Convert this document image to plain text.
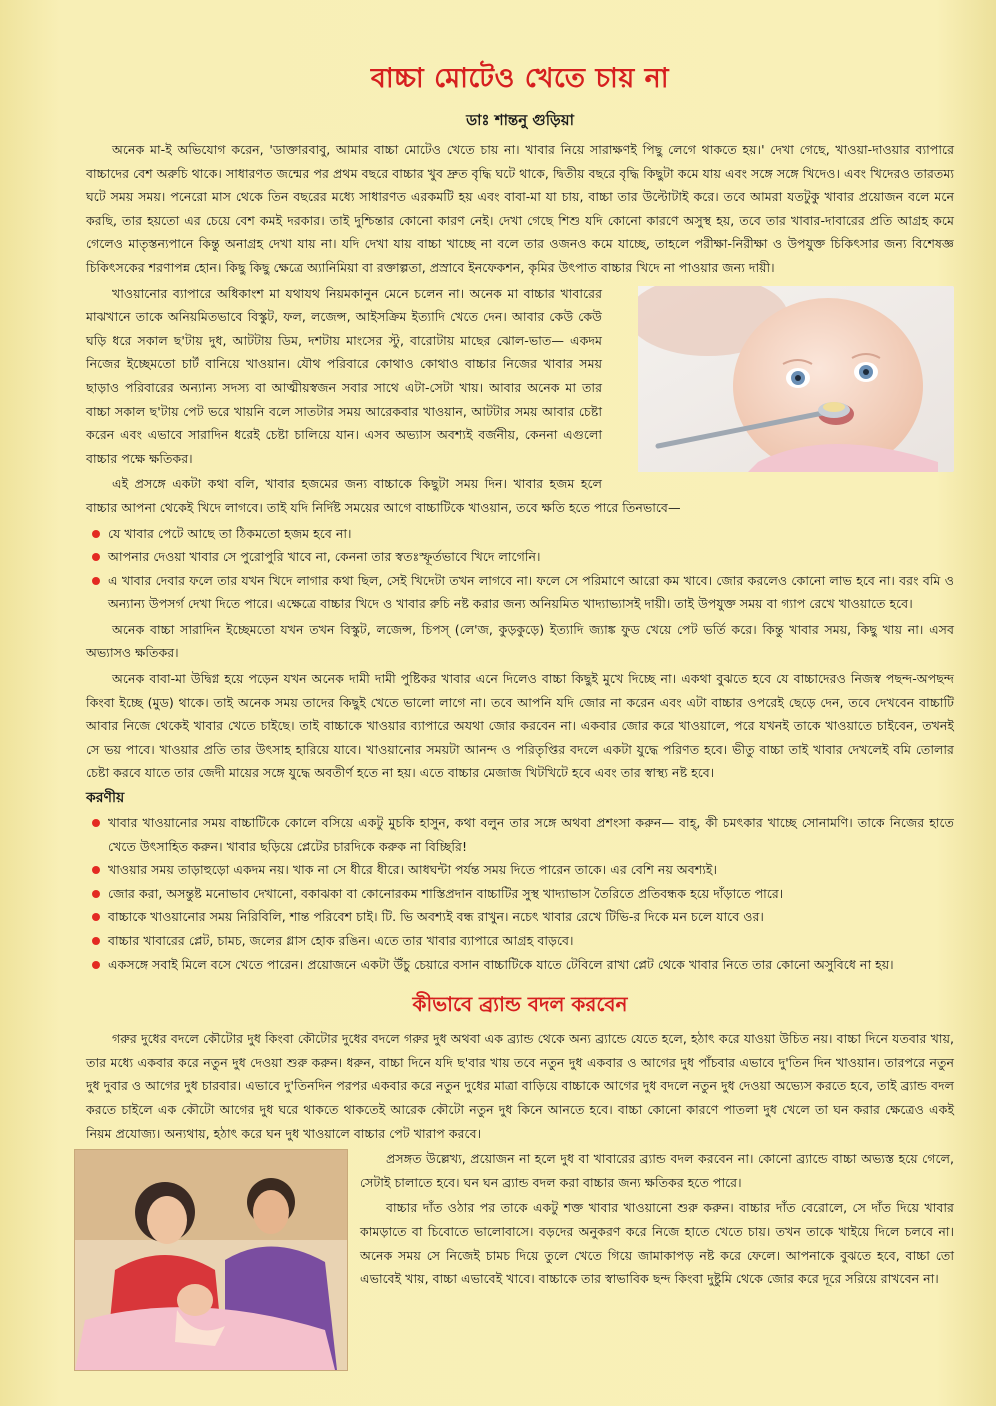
বাচ্চা মোটেও খেতে চায় না
ডাঃ শান্তনু গুড়িয়া

অনেক মা-ই অভিযোগ করেন, 'ডাক্তারবাবু, আমার বাচ্চা মোটেও খেতে চায় না। খাবার নিয়ে সারাক্ষণই পিছু লেগে থাকতে হয়।' দেখা গেছে, খাওয়া-দাওয়ার ব্যাপারে বাচ্চাদের বেশ অরুচি থাকে। সাধারণত জন্মের পর প্রথম বছরে বাচ্চার খুব দ্রুত বৃদ্ধি ঘটে থাকে, দ্বিতীয় বছরে বৃদ্ধি কিছুটা কমে যায় এবং সঙ্গে সঙ্গে খিদেও। এবং খিদেরও তারতম্য ঘটে সময় সময়। পনেরো মাস থেকে তিন বছরের মধ্যে সাধারণত এরকমটি হয় এবং বাবা-মা যা চায়, বাচ্চা তার উল্টোটাই করে। তবে আমরা যতটুকু খাবার প্রয়োজন বলে মনে করছি, তার হয়তো এর চেয়ে বেশ কমই দরকার। তাই দুশ্চিন্তার কোনো কারণ নেই। দেখা গেছে শিশু যদি কোনো কারণে অসুস্থ হয়, তবে তার খাবার-দাবারের প্রতি আগ্রহ কমে গেলেও মাতৃস্তন্যপানে কিন্তু অনাগ্রহ দেখা যায় না। যদি দেখা যায় বাচ্চা খাচ্ছে না বলে তার ওজনও কমে যাচ্ছে, তাহলে পরীক্ষা-নিরীক্ষা ও উপযুক্ত চিকিৎসার জন্য বিশেষজ্ঞ চিকিৎসকের শরণাপন্ন হোন। কিছু কিছু ক্ষেত্রে অ্যানিমিয়া বা রক্তাল্পতা, প্রস্রাবে ইনফেকশন, কৃমির উৎপাত বাচ্চার খিদে না পাওয়ার জন্য দায়ী।

খাওয়ানোর ব্যাপারে অধিকাংশ মা যথাযথ নিয়মকানুন মেনে চলেন না। অনেক মা বাচ্চার খাবারের মাঝখানে তাকে অনিয়মিতভাবে বিস্কুট, ফল, লজেন্স, আইসক্রিম ইত্যাদি খেতে দেন। আবার কেউ কেউ ঘড়ি ধরে সকাল ছ'টায় দুধ, আটটায় ডিম, দশটায় মাংসের স্টু, বারোটায় মাছের ঝোল-ভাত— একদম নিজের ইচ্ছেমতো চার্ট বানিয়ে খাওয়ান। যৌথ পরিবারে কোথাও কোথাও বাচ্চার নিজের খাবার সময় ছাড়াও পরিবারের অন্যান্য সদস্য বা আত্মীয়স্বজন সবার সাথে এটা-সেটা খায়। আবার অনেক মা তার বাচ্চা সকাল ছ'টায় পেট ভরে খায়নি বলে সাতটার সময় আরেকবার খাওয়ান, আটটার সময় আবার চেষ্টা করেন এবং এভাবে সারাদিন ধরেই চেষ্টা চালিয়ে যান। এসব অভ্যাস অবশ্যই বর্জনীয়, কেননা এগুলো বাচ্চার পক্ষে ক্ষতিকর।

এই প্রসঙ্গে একটা কথা বলি, খাবার হজমের জন্য বাচ্চাকে কিছুটা সময় দিন। খাবার হজম হলে বাচ্চার আপনা থেকেই খিদে লাগবে। তাই যদি নির্দিষ্ট সময়ের আগে বাচ্চাটিকে খাওয়ান, তবে ক্ষতি হতে পারে তিনভাবে—

যে খাবার পেটে আছে তা ঠিকমতো হজম হবে না।
আপনার দেওয়া খাবার সে পুরোপুরি খাবে না, কেননা তার স্বতঃস্ফূর্তভাবে খিদে লাগেনি।
এ খাবার দেবার ফলে তার যখন খিদে লাগার কথা ছিল, সেই খিদেটা তখন লাগবে না। ফলে সে পরিমাণে আরো কম খাবে। জোর করলেও কোনো লাভ হবে না। বরং বমি ও অন্যান্য উপসর্গ দেখা দিতে পারে। এক্ষেত্রে বাচ্চার খিদে ও খাবার রুচি নষ্ট করার জন্য অনিয়মিত খাদ্যাভ্যাসই দায়ী। তাই উপযুক্ত সময় বা গ্যাপ রেখে খাওয়াতে হবে।

অনেক বাচ্চা সারাদিন ইচ্ছেমতো যখন তখন বিস্কুট, লজেন্স, চিপস্ (লে'জ, কুড়কুড়ে) ইত্যাদি জ্যাঙ্ক ফুড খেয়ে পেট ভর্তি করে। কিন্তু খাবার সময়, কিছু খায় না। এসব অভ্যাসও ক্ষতিকর।

অনেক বাবা-মা উদ্বিগ্ন হয়ে পড়েন যখন অনেক দামী দামী পুষ্টিকর খাবার এনে দিলেও বাচ্চা কিছুই মুখে দিচ্ছে না। একথা বুঝতে হবে যে বাচ্চাদেরও নিজস্ব পছন্দ-অপছন্দ কিংবা ইচ্ছে (মুড) থাকে। তাই অনেক সময় তাদের কিছুই খেতে ভালো লাগে না। তবে আপনি যদি জোর না করেন এবং এটা বাচ্চার ওপরেই ছেড়ে দেন, তবে দেখবেন বাচ্চাটি আবার নিজে থেকেই খাবার খেতে চাইছে। তাই বাচ্চাকে খাওয়ার ব্যাপারে অযথা জোর করবেন না। একবার জোর করে খাওয়ালে, পরে যখনই তাকে খাওয়াতে চাইবেন, তখনই সে ভয় পাবে। খাওয়ার প্রতি তার উৎসাহ হারিয়ে যাবে। খাওয়ানোর সময়টা আনন্দ ও পরিতৃপ্তির বদলে একটা যুদ্ধে পরিণত হবে। ভীতু বাচ্চা তাই খাবার দেখলেই বমি তোলার চেষ্টা করবে যাতে তার জেদী মায়ের সঙ্গে যুদ্ধে অবতীর্ণ হতে না হয়। এতে বাচ্চার মেজাজ খিটখিটে হবে এবং তার স্বাস্থ্য নষ্ট হবে।

করণীয়
খাবার খাওয়ানোর সময় বাচ্চাটিকে কোলে বসিয়ে একটু মুচকি হাসুন, কথা বলুন তার সঙ্গে অথবা প্রশংসা করুন— বাহ্, কী চমৎকার খাচ্ছে সোনামণি। তাকে নিজের হাতে খেতে উৎসাহিত করুন। খাবার ছড়িয়ে প্লেটের চারদিকে করুক না বিচ্ছিরি!
খাওয়ার সময় তাড়াহুড়ো একদম নয়। খাক না সে ধীরে ধীরে। আধঘন্টা পর্যন্ত সময় দিতে পারেন তাকে। এর বেশি নয় অবশ্যই।
জোর করা, অসন্তুষ্ট মনোভাব দেখানো, বকাঝকা বা কোনোরকম শাস্তিপ্রদান বাচ্চাটির সুস্থ খাদ্যাভাস তৈরিতে প্রতিবন্ধক হয়ে দাঁড়াতে পারে।
বাচ্চাকে খাওয়ানোর সময় নিরিবিলি, শান্ত পরিবেশ চাই। টি. ভি অবশ্যই বন্ধ রাখুন। নচেৎ খাবার রেখে টিভি-র দিকে মন চলে যাবে ওর।
বাচ্চার খাবারের প্লেট, চামচ, জলের গ্লাস হোক রঙিন। এতে তার খাবার ব্যাপারে আগ্রহ বাড়বে।
একসঙ্গে সবাই মিলে বসে খেতে পারেন। প্রয়োজনে একটা উঁচু চেয়ারে বসান বাচ্চাটিকে যাতে টেবিলে রাখা প্লেট থেকে খাবার নিতে তার কোনো অসুবিধে না হয়।
কীভাবে ব্র্যান্ড বদল করবেন

গরুর দুধের বদলে কৌটোর দুধ কিংবা কৌটোর দুধের বদলে গরুর দুধ অথবা এক ব্র্যান্ড থেকে অন্য ব্র্যান্ডে যেতে হলে, হঠাৎ করে যাওয়া উচিত নয়। বাচ্চা দিনে যতবার খায়, তার মধ্যে একবার করে নতুন দুধ দেওয়া শুরু করুন। ধরুন, বাচ্চা দিনে যদি ছ'বার খায় তবে নতুন দুধ একবার ও আগের দুধ পাঁচবার এভাবে দু'তিন দিন খাওয়ান। তারপরে নতুন দুধ দুবার ও আগের দুধ চারবার। এভাবে দু'তিনদিন পরপর একবার করে নতুন দুধের মাত্রা বাড়িয়ে বাচ্চাকে আগের দুধ বদলে নতুন দুধ দেওয়া অভ্যেস করতে হবে, তাই ব্র্যান্ড বদল করতে চাইলে এক কৌটো আগের দুধ ঘরে থাকতে থাকতেই আরেক কৌটো নতুন দুধ কিনে আনতে হবে। বাচ্চা কোনো কারণে পাতলা দুধ খেলে তা ঘন করার ক্ষেত্রেও একই নিয়ম প্রযোজ্য। অন্যথায়, হঠাৎ করে ঘন দুধ খাওয়ালে বাচ্চার পেট খারাপ করবে।

প্রসঙ্গত উল্লেখ্য, প্রয়োজন না হলে দুধ বা খাবারের ব্র্যান্ড বদল করবেন না। কোনো ব্র্যান্ডে বাচ্চা অভ্যস্ত হয়ে গেলে, সেটাই চালাতে হবে। ঘন ঘন ব্র্যান্ড বদল করা বাচ্চার জন্য ক্ষতিকর হতে পারে।

বাচ্চার দাঁত ওঠার পর তাকে একটু শক্ত খাবার খাওয়ানো শুরু করুন। বাচ্চার দাঁত বেরোলে, সে দাঁত দিয়ে খাবার কামড়াতে বা চিবোতে ভালোবাসে। বড়দের অনুকরণ করে নিজে হাতে খেতে চায়। তখন তাকে খাইয়ে দিলে চলবে না। অনেক সময় সে নিজেই চামচ দিয়ে তুলে খেতে গিয়ে জামাকাপড় নষ্ট করে ফেলে। আপনাকে বুঝতে হবে, বাচ্চা তো এভাবেই খায়, বাচ্চা এভাবেই খাবে। বাচ্চাকে তার স্বাভাবিক ছন্দ কিংবা দুষ্টুমি থেকে জোর করে দূরে সরিয়ে রাখবেন না।
